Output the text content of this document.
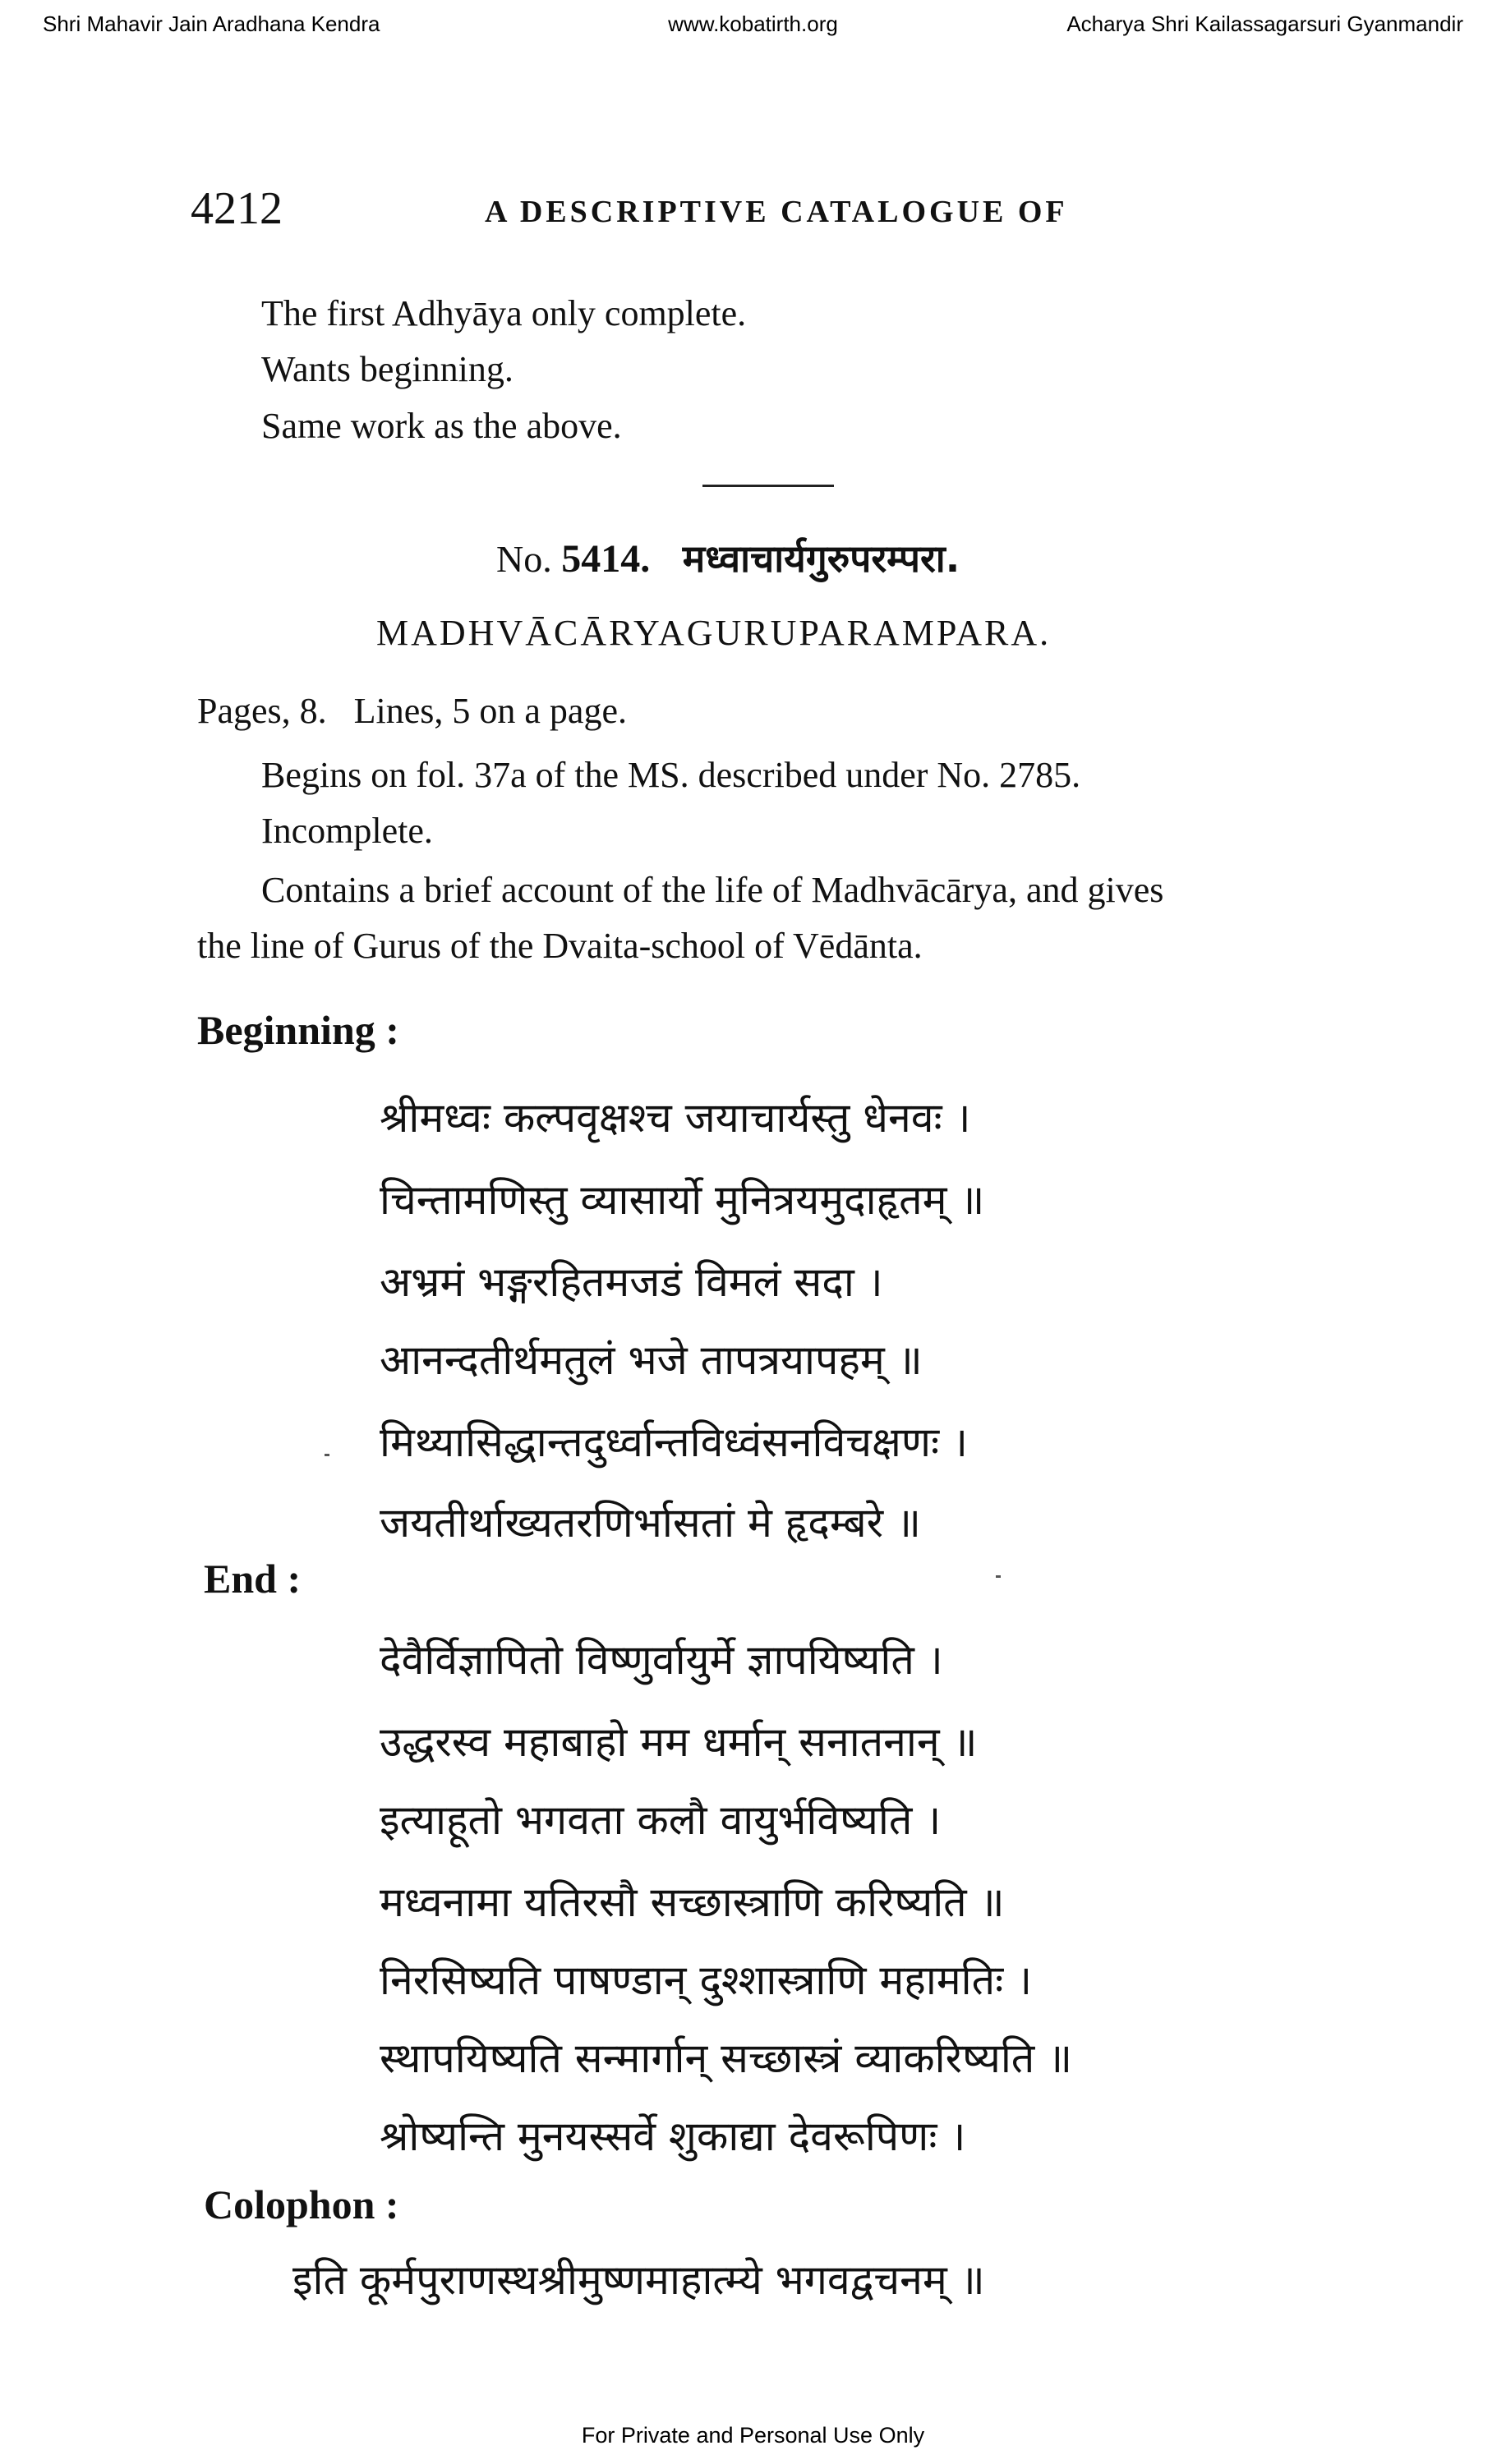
Shri Mahavir Jain Aradhana Kendra	www.kobatirth.org	Acharya Shri Kailassagarsuri Gyanmandir
4212	A DESCRIPTIVE CATALOGUE OF
The first Adhyāya only complete.
Wants beginning.
Same work as the above.
No. 5414. मध्वाचार्यगुरुपरम्परा.
MADHVĀCĀRYAGURUPARAMPARA.
Pages, 8.   Lines, 5 on a page.
Begins on fol. 37a of the MS. described under No. 2785.
Incomplete.
Contains a brief account of the life of Madhvācārya, and gives
the line of Gurus of the Dvaita-school of Vēdānta.
Beginning :
श्रीमध्वः कल्पवृक्षश्च जयाचार्यस्तु धेनवः ।
चिन्तामणिस्तु व्यासार्यो मुनित्रयमुदाहृतम् ॥
अभ्रमं भङ्गरहितमजडं विमलं सदा ।
आनन्दतीर्थमतुलं भजे तापत्रयापहम् ॥
मिथ्यासिद्धान्तदुर्ध्वान्तविध्वंसनविचक्षणः ।
जयतीर्थाख्यतरणिर्भासतां मे हृदम्बरे ॥
End :
देवैर्विज्ञापितो विष्णुर्वायुर्मे ज्ञापयिष्यति ।
उद्धरस्व महाबाहो मम धर्मान् सनातनान् ॥
इत्याहूतो भगवता कलौ वायुर्भविष्यति ।
मध्वनामा यतिरसौ सच्छास्त्राणि करिष्यति ॥
निरसिष्यति पाषण्डान् दुश्शास्त्राणि महामतिः ।
स्थापयिष्यति सन्मार्गान् सच्छास्त्रं व्याकरिष्यति ॥
श्रोष्यन्ति मुनयस्सर्वे शुकाद्या देवरूपिणः ।
Colophon :
इति कूर्मपुराणस्थश्रीमुष्णमाहात्म्ये भगवद्वचनम् ॥
For Private and Personal Use Only
